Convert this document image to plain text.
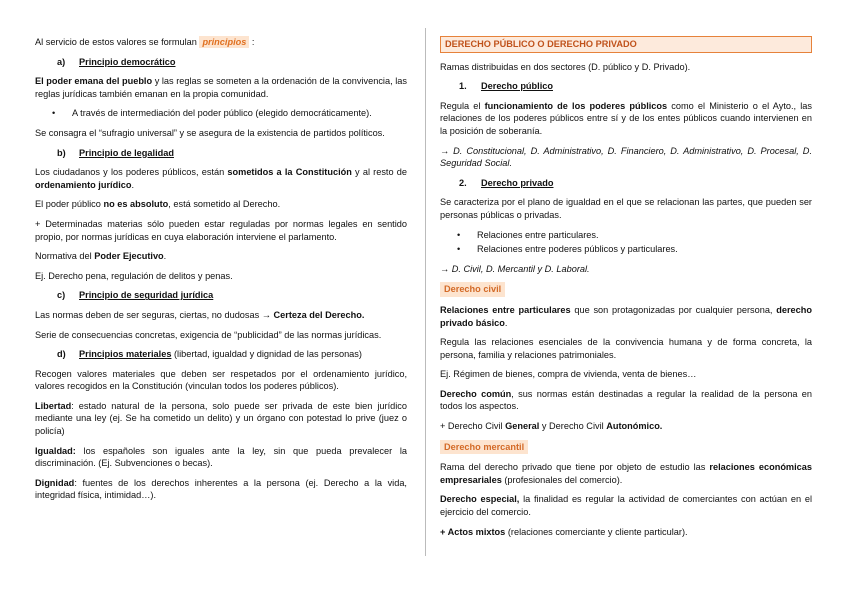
Al servicio de estos valores se formulan principios :

a) Principio democrático

El poder emana del pueblo y las reglas se someten a la ordenación de la convivencia, las reglas jurídicas también emanan en la propia comunidad.

• A través de intermediación del poder público (elegido democráticamente).

Se consagra el “sufragio universal” y se asegura de la existencia de partidos políticos.

b) Principio de legalidad

Los ciudadanos y los poderes públicos, están sometidos a la Constitución y al resto de ordenamiento jurídico.

El poder público no es absoluto, está sometido al Derecho.

+ Determinadas materias sólo pueden estar reguladas por normas legales en sentido propio, por normas jurídicas en cuya elaboración interviene el parlamento.

Normativa del Poder Ejecutivo.

Ej. Derecho pena, regulación de delitos y penas.

c) Principio de seguridad jurídica

Las normas deben de ser seguras, ciertas, no dudosas → Certeza del Derecho.

Serie de consecuencias concretas, exigencia de “publicidad” de las normas jurídicas.

d) Principios materiales (libertad, igualdad y dignidad de las personas)

Recogen valores materiales que deben ser respetados por el ordenamiento jurídico, valores recogidos en la Constitución (vinculan todos los poderes públicos).

Libertad: estado natural de la persona, solo puede ser privada de este bien jurídico mediante una ley (ej. Se ha cometido un delito) y un órgano con potestad lo prive (juez o policía)

Igualdad: los españoles son iguales ante la ley, sin que pueda prevalecer la discriminación. (Ej. Subvenciones o becas).

Dignidad: fuentes de los derechos inherentes a la persona (ej. Derecho a la vida, integridad física, intimidad…).

DERECHO PÚBLICO O DERECHO PRIVADO

Ramas distribuidas en dos sectores (D. público y D. Privado).

1. Derecho público

Regula el funcionamiento de los poderes públicos como el Ministerio o el Ayto., las relaciones de los poderes públicos entre sí y de los entes públicos cuando intervienen en la posición de soberanía.

→ D. Constitucional, D. Administrativo, D. Financiero, D. Administrativo, D. Procesal, D. Seguridad Social.

2. Derecho privado

Se caracteriza por el plano de igualdad en el que se relacionan las partes, que pueden ser personas públicas o privadas.

• Relaciones entre particulares.
• Relaciones entre poderes públicos y particulares.

→ D. Civil, D. Mercantil y D. Laboral.

Derecho civil

Relaciones entre particulares que son protagonizadas por cualquier persona, derecho privado básico.

Regula las relaciones esenciales de la convivencia humana y de forma concreta, la persona, familia y relaciones patrimoniales.

Ej. Régimen de bienes, compra de vivienda, venta de bienes…

Derecho común, sus normas están destinadas a regular la realidad de la persona en todos los aspectos.

+ Derecho Civil General y Derecho Civil Autonómico.

Derecho mercantil

Rama del derecho privado que tiene por objeto de estudio las relaciones económicas empresariales (profesionales del comercio).

Derecho especial, la finalidad es regular la actividad de comerciantes con actúan en el ejercicio del comercio.

+ Actos mixtos (relaciones comerciante y cliente particular).
